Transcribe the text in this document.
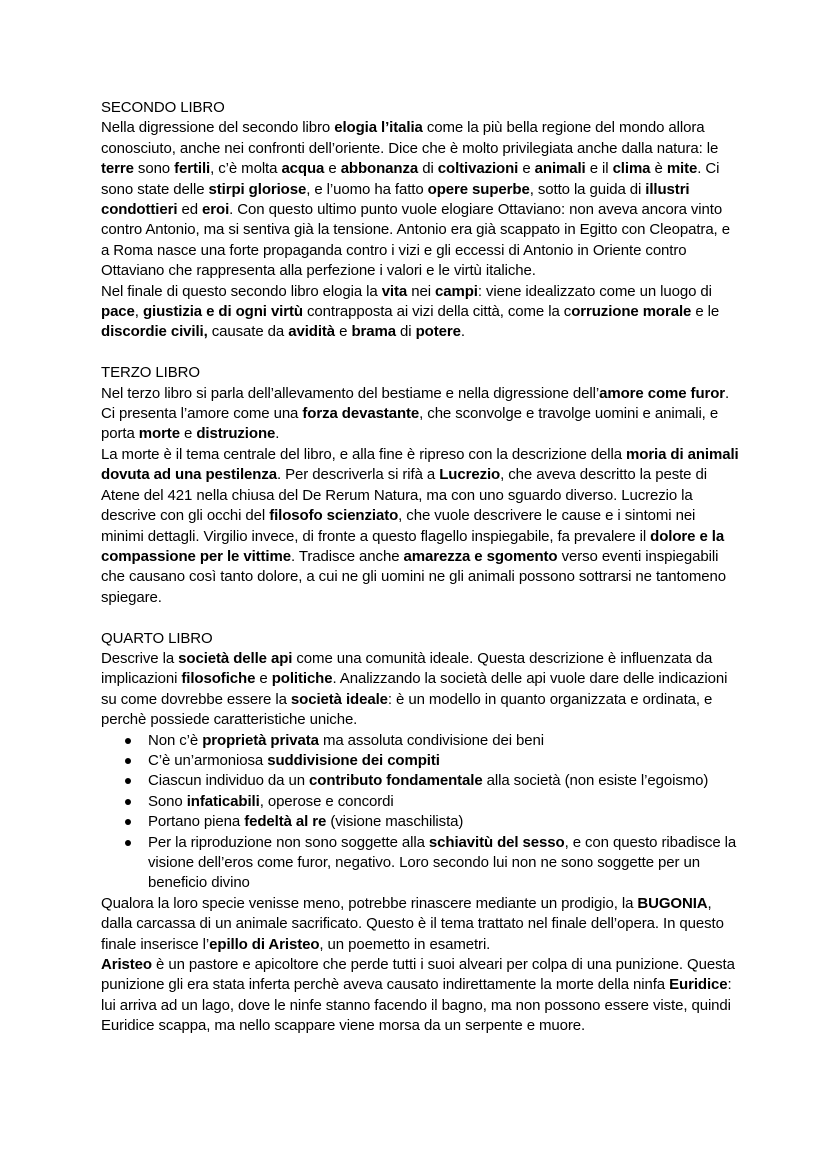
SECONDO LIBRO

Nella digressione del secondo libro elogia l’italia come la più bella regione del mondo allora conosciuto, anche nei confronti dell’oriente. Dice che è molto privilegiata anche dalla natura: le terre sono fertili, c’è molta acqua e abbonanza di coltivazioni e animali e il clima è mite. Ci sono state delle stirpi gloriose, e l’uomo ha fatto opere superbe, sotto la guida di illustri condottieri ed eroi. Con questo ultimo punto vuole elogiare Ottaviano: non aveva ancora vinto contro Antonio, ma si sentiva già la tensione. Antonio era già scappato in Egitto con Cleopatra, e a Roma nasce una forte propaganda contro i vizi e gli eccessi di Antonio in Oriente contro Ottaviano che rappresenta alla perfezione i valori e le virtù italiche.

Nel finale di questo secondo libro elogia la vita nei campi: viene idealizzato come un luogo di pace, giustizia e di ogni virtù contrapposta ai vizi della città, come la corruzione morale e le discordie civili, causate da avidità e brama di potere.

TERZO LIBRO

Nel terzo libro si parla dell’allevamento del bestiame e nella digressione dell’amore come furor. Ci presenta l’amore come una forza devastante, che sconvolge e travolge uomini e animali, e porta morte e distruzione.

La morte è il tema centrale del libro, e alla fine è ripreso con la descrizione della moria di animali dovuta ad una pestilenza. Per descriverla si rifà a Lucrezio, che aveva descritto la peste di Atene del 421 nella chiusa del De Rerum Natura, ma con uno sguardo diverso. Lucrezio la descrive con gli occhi del filosofo scienziato, che vuole descrivere le cause e i sintomi nei minimi dettagli. Virgilio invece, di fronte a questo flagello inspiegabile, fa prevalere il dolore e la compassione per le vittime. Tradisce anche amarezza e sgomento verso eventi inspiegabili che causano così tanto dolore, a cui ne gli uomini ne gli animali possono sottrarsi ne tantomeno spiegare.

QUARTO LIBRO

Descrive la società delle api come una comunità ideale. Questa descrizione è influenzata da implicazioni filosofiche e politiche. Analizzando la società delle api vuole dare delle indicazioni su come dovrebbe essere la società ideale: è un modello in quanto organizzata e ordinata, e perchè possiede caratteristiche uniche.

Non c’è proprietà privata ma assoluta condivisione dei beni
C’è un’armoniosa suddivisione dei compiti
Ciascun individuo da un contributo fondamentale alla società (non esiste l’egoismo)
Sono infaticabili, operose e concordi
Portano piena fedeltà al re (visione maschilista)
Per la riproduzione non sono soggette alla schiavitù del sesso, e con questo ribadisce la visione dell’eros come furor, negativo. Loro secondo lui non ne sono soggette per un beneficio divino

Qualora la loro specie venisse meno, potrebbe rinascere mediante un prodigio, la BUGONIA, dalla carcassa di un animale sacrificato. Questo è il tema trattato nel finale dell’opera. In questo finale inserisce l’epillo di Aristeo, un poemetto in esametri.

Aristeo è un pastore e apicoltore che perde tutti i suoi alveari per colpa di una punizione. Questa punizione gli era stata inferta perchè aveva causato indirettamente la morte della ninfa Euridice: lui arriva ad un lago, dove le ninfe stanno facendo il bagno, ma non possono essere viste, quindi Euridice scappa, ma nello scappare viene morsa da un serpente e muore.
